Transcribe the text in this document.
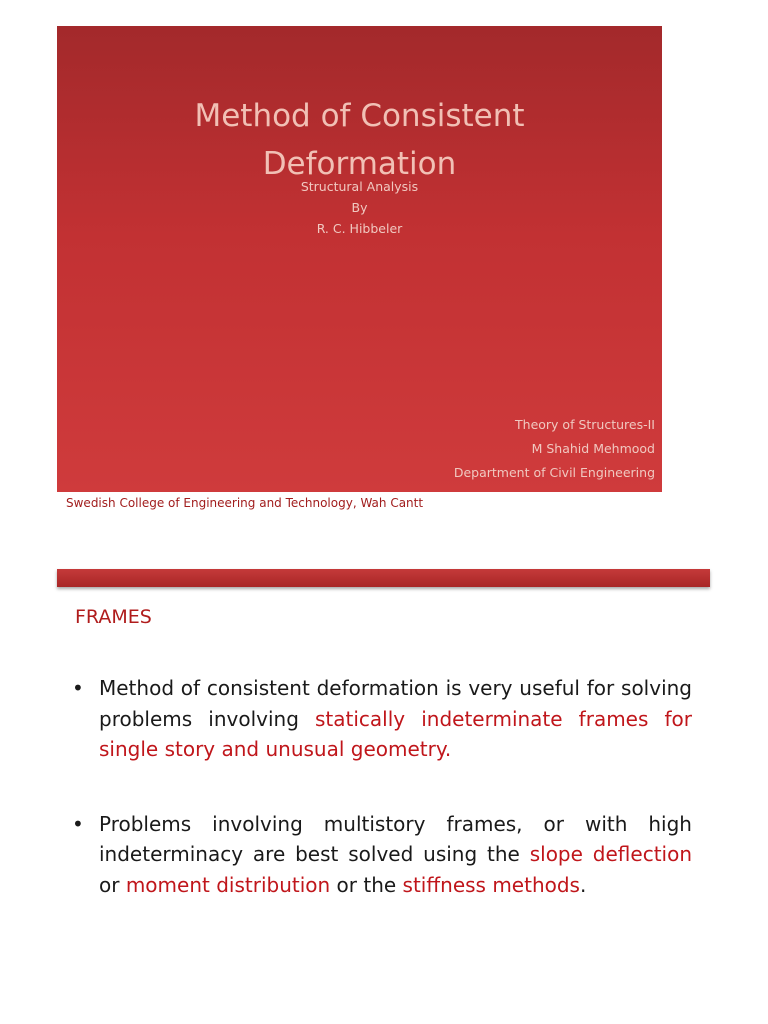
Method of Consistent
Deformation
Structural Analysis
By
R. C. Hibbeler
Theory of Structures-II
M Shahid Mehmood
Department of Civil Engineering
Swedish College of Engineering and Technology, Wah Cantt
FRAMES
• Method of consistent deformation is very useful for solving problems involving statically indeterminate frames for single story and unusual geometry.
• Problems involving multistory frames, or with high indeterminacy are best solved using the slope deflection or moment distribution or the stiffness methods.
